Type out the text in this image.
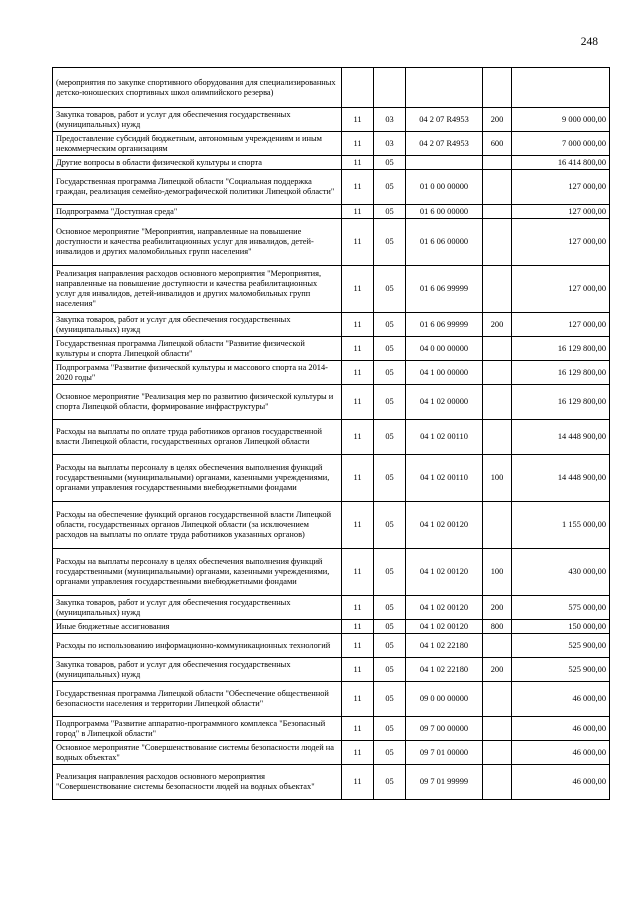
248
(мероприятия по закупке спортивного оборудования для специализированных детско-юношеских спортивных школ олимпийского резерва)					
Закупка товаров, работ и услуг для обеспечения государственных (муниципальных) нужд	11	03	04 2 07 R4953	200	9 000 000,00
Предоставление субсидий бюджетным, автономным учреждениям и иным некоммерческим организациям	11	03	04 2 07 R4953	600	7 000 000,00
Другие вопросы в области физической культуры и спорта	11	05			16 414 800,00
Государственная программа Липецкой области "Социальная поддержка граждан, реализация семейно-демографической политики Липецкой области"	11	05	01 0 00 00000		127 000,00
Подпрограмма "Доступная среда"	11	05	01 6 00 00000		127 000,00
Основное мероприятие "Мероприятия, направленные на повышение доступности и качества реабилитационных услуг для инвалидов, детей-инвалидов и других маломобильных групп населения"	11	05	01 6 06 00000		127 000,00
Реализация направления расходов основного мероприятия "Мероприятия, направленные на повышение доступности и качества реабилитационных услуг для инвалидов, детей-инвалидов и других маломобильных групп населения"	11	05	01 6 06 99999		127 000,00
Закупка товаров, работ и услуг для обеспечения государственных (муниципальных) нужд	11	05	01 6 06 99999	200	127 000,00
Государственная программа Липецкой области "Развитие физической культуры и спорта Липецкой области"	11	05	04 0 00 00000		16 129 800,00
Подпрограмма "Развитие физической культуры и массового спорта на 2014-2020 годы"	11	05	04 1 00 00000		16 129 800,00
Основное мероприятие "Реализация мер по развитию физической культуры и спорта Липецкой области, формирование инфраструктуры"	11	05	04 1 02 00000		16 129 800,00
Расходы на выплаты по оплате труда работников органов государственной власти Липецкой области, государственных органов Липецкой области	11	05	04 1 02 00110		14 448 900,00
Расходы на выплаты персоналу в целях обеспечения выполнения функций государственными (муниципальными) органами, казенными учреждениями, органами управления государственными внебюджетными фондами	11	05	04 1 02 00110	100	14 448 900,00
Расходы на обеспечение функций органов государственной власти Липецкой области, государственных органов Липецкой области (за исключением расходов на выплаты по оплате труда работников указанных органов)	11	05	04 1 02 00120		1 155 000,00
Расходы на выплаты персоналу в целях обеспечения выполнения функций государственными (муниципальными) органами, казенными учреждениями, органами управления государственными внебюджетными фондами	11	05	04 1 02 00120	100	430 000,00
Закупка товаров, работ и услуг для обеспечения государственных (муниципальных) нужд	11	05	04 1 02 00120	200	575 000,00
Иные бюджетные ассигнования	11	05	04 1 02 00120	800	150 000,00
Расходы по использованию информационно-коммуникационных технологий	11	05	04 1 02 22180		525 900,00
Закупка товаров, работ и услуг для обеспечения государственных (муниципальных) нужд	11	05	04 1 02 22180	200	525 900,00
Государственная программа Липецкой области "Обеспечение общественной безопасности населения и территории Липецкой области"	11	05	09 0 00 00000		46 000,00
Подпрограмма "Развитие аппаратно-программного комплекса "Безопасный город" в Липецкой области"	11	05	09 7 00 00000		46 000,00
Основное мероприятие "Совершенствование системы безопасности людей на водных объектах"	11	05	09 7 01 00000		46 000,00
Реализация направления расходов основного мероприятия "Совершенствование системы безопасности людей на водных объектах"	11	05	09 7 01 99999		46 000,00
